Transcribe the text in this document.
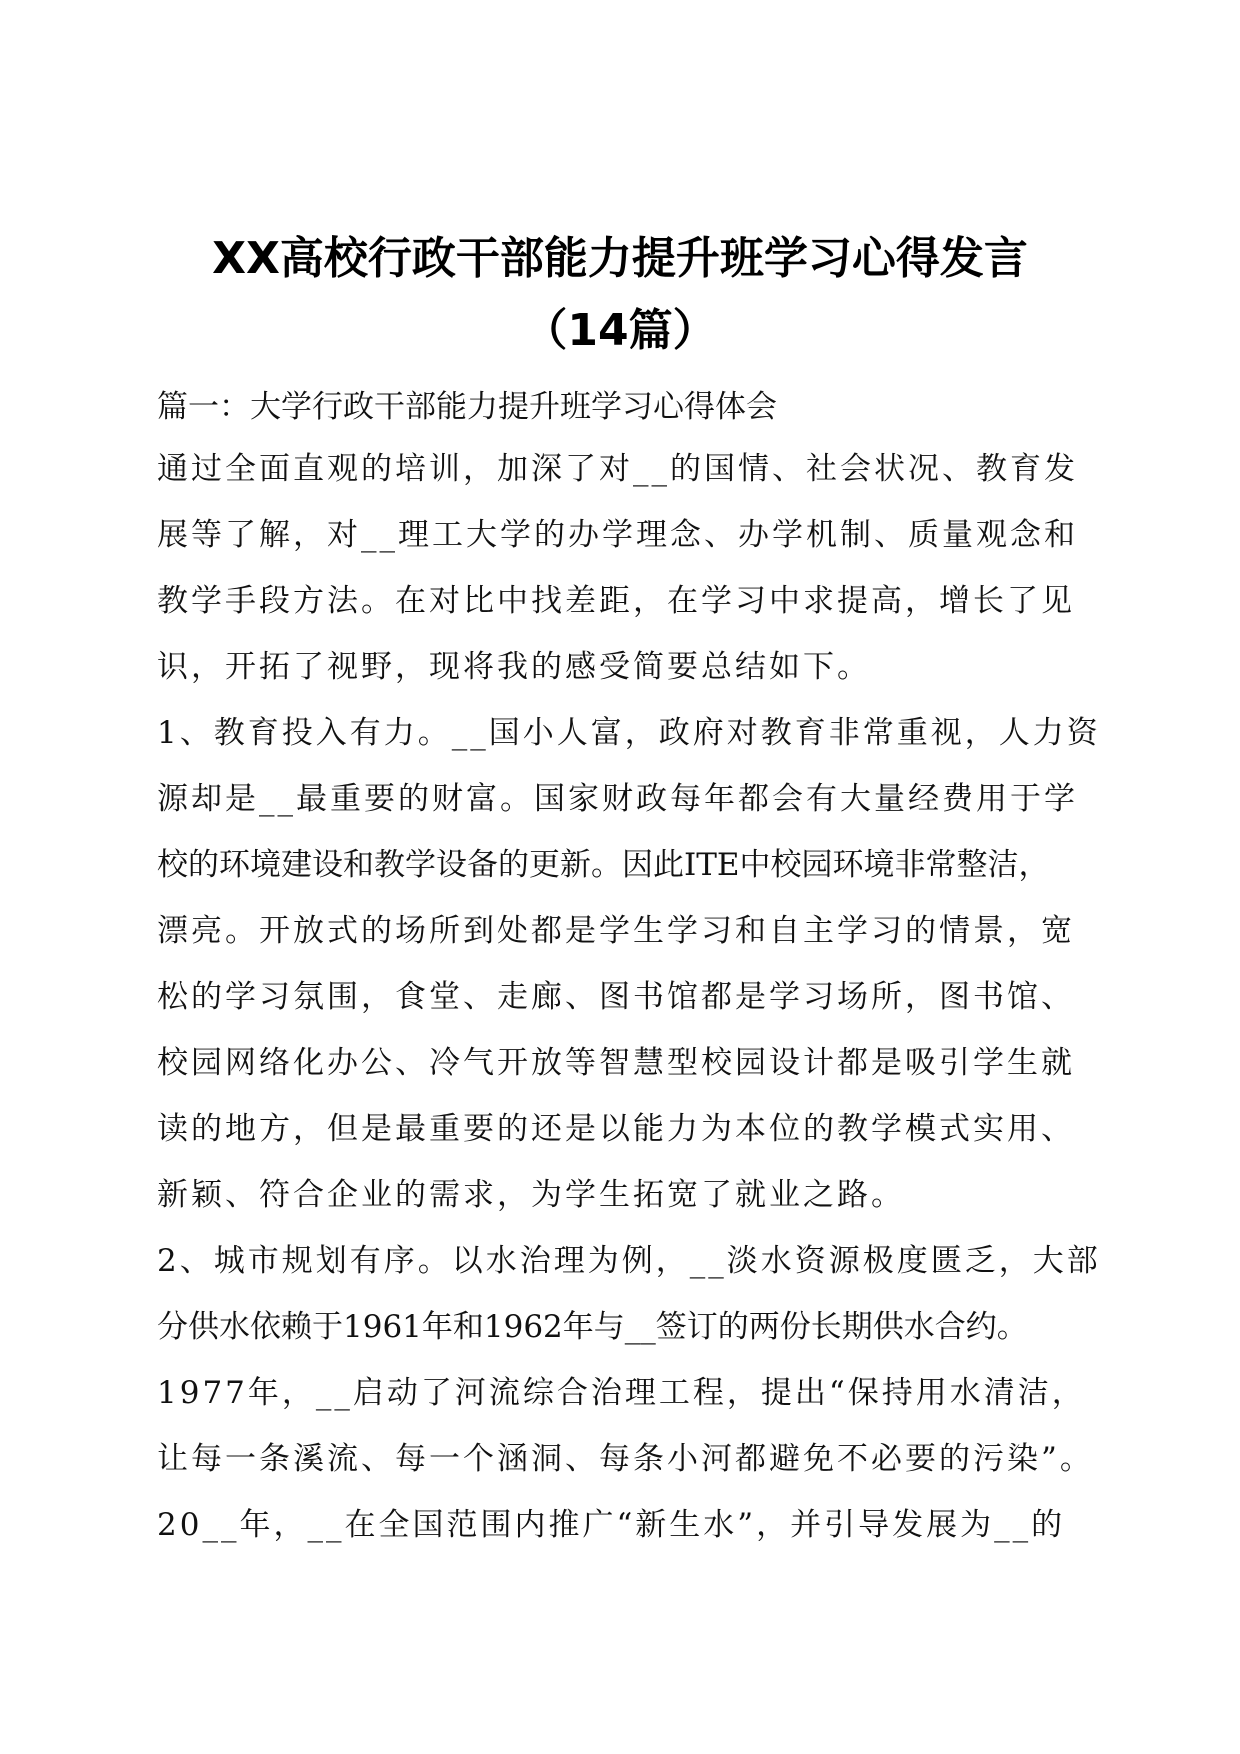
XX高校行政干部能力提升班学习心得发言
（14篇）
篇一：大学行政干部能力提升班学习心得体会
通过全面直观的培训，加深了对__的国情、社会状况、教育发
展等了解，对__理工大学的办学理念、办学机制、质量观念和
教学手段方法。在对比中找差距，在学习中求提高，增长了见
识，开拓了视野，现将我的感受简要总结如下。
1、教育投入有力。__国小人富，政府对教育非常重视，人力资
源却是__最重要的财富。国家财政每年都会有大量经费用于学
校的环境建设和教学设备的更新。因此ITE中校园环境非常整洁，
漂亮。开放式的场所到处都是学生学习和自主学习的情景，宽
松的学习氛围，食堂、走廊、图书馆都是学习场所，图书馆、
校园网络化办公、冷气开放等智慧型校园设计都是吸引学生就
读的地方，但是最重要的还是以能力为本位的教学模式实用、
新颖、符合企业的需求，为学生拓宽了就业之路。
2、城市规划有序。以水治理为例，__淡水资源极度匮乏，大部
分供水依赖于1961年和1962年与__签订的两份长期供水合约。
1977年，__启动了河流综合治理工程，提出“保持用水清洁，
让每一条溪流、每一个涵洞、每条小河都避免不必要的污染”。
20__年，__在全国范围内推广“新生水”，并引导发展为__的
